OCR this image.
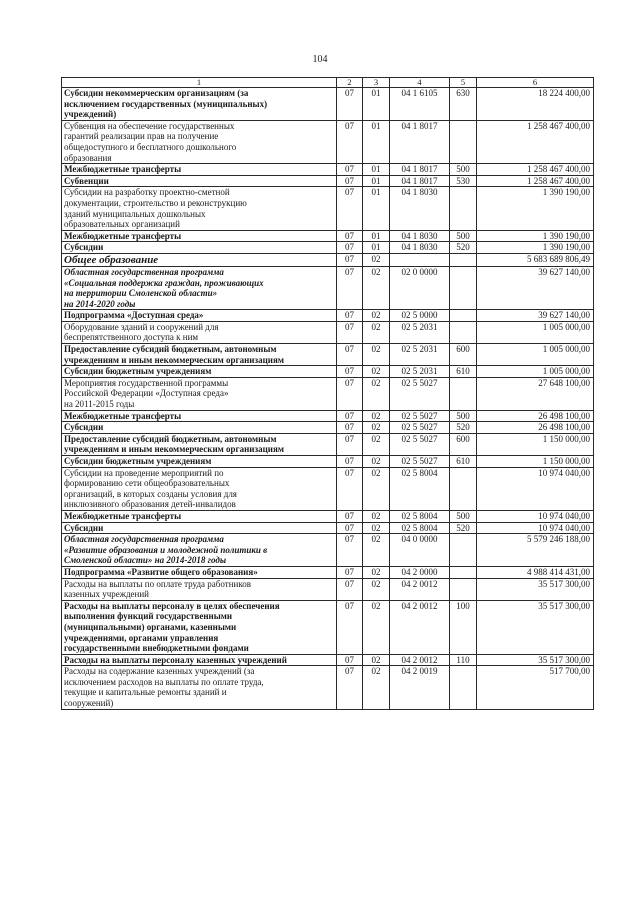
104
1	2	3	4	5	6
Субсидии некоммерческим организациям (за
исключением государственных (муниципальных)
учреждений)	07	01	04 1 6105	630	18 224 400,00
Субвенция на обеспечение государственных
гарантий реализации прав на получение
общедоступного и бесплатного дошкольного
образования	07	01	04 1 8017		1 258 467 400,00
Межбюджетные трансферты	07	01	04 1 8017	500	1 258 467 400,00
Субвенции	07	01	04 1 8017	530	1 258 467 400,00
Субсидии на разработку проектно-сметной
документации, строительство и реконструкцию
зданий муниципальных дошкольных
образовательных организаций	07	01	04 1 8030		1 390 190,00
Межбюджетные трансферты	07	01	04 1 8030	500	1 390 190,00
Субсидии	07	01	04 1 8030	520	1 390 190,00
Общее образование	07	02			5 683 689 806,49
Областная государственная программа
«Социальная поддержка граждан, проживающих
на территории Смоленской области»
на 2014-2020 годы	07	02	02 0 0000		39 627 140,00
Подпрограмма «Доступная среда»	07	02	02 5 0000		39 627 140,00
Оборудование зданий и сооружений для
беспрепятственного доступа к ним	07	02	02 5 2031		1 005 000,00
Предоставление субсидий бюджетным, автономным
учреждениям и иным некоммерческим организациям	07	02	02 5 2031	600	1 005 000,00
Субсидии бюджетным учреждениям	07	02	02 5 2031	610	1 005 000,00
Мероприятия государственной программы
Российской Федерации «Доступная среда»
на 2011-2015 годы	07	02	02 5 5027		27 648 100,00
Межбюджетные трансферты	07	02	02 5 5027	500	26 498 100,00
Субсидии	07	02	02 5 5027	520	26 498 100,00
Предоставление субсидий бюджетным, автономным
учреждениям и иным некоммерческим организациям	07	02	02 5 5027	600	1 150 000,00
Субсидии бюджетным учреждениям	07	02	02 5 5027	610	1 150 000,00
Субсидии на проведение мероприятий по
формированию сети общеобразовательных
организаций, в которых созданы условия для
инклюзивного образования детей-инвалидов	07	02	02 5 8004		10 974 040,00
Межбюджетные трансферты	07	02	02 5 8004	500	10 974 040,00
Субсидии	07	02	02 5 8004	520	10 974 040,00
Областная государственная программа
«Развитие образования и молодежной политики в
Смоленской области» на 2014-2018 годы	07	02	04 0 0000		5 579 246 188,00
Подпрограмма «Развитие общего образования»	07	02	04 2 0000		4 988 414 431,00
Расходы на выплаты по оплате труда работников
казенных учреждений	07	02	04 2 0012		35 517 300,00
Расходы на выплаты персоналу в целях обеспечения
выполнения функций государственными
(муниципальными) органами, казенными
учреждениями, органами управления
государственными внебюджетными фондами	07	02	04 2 0012	100	35 517 300,00
Расходы на выплаты персоналу казенных учреждений	07	02	04 2 0012	110	35 517 300,00
Расходы на содержание казенных учреждений (за
исключением расходов на выплаты по оплате труда,
текущие и капитальные ремонты зданий и
сооружений)	07	02	04 2 0019		517 700,00
